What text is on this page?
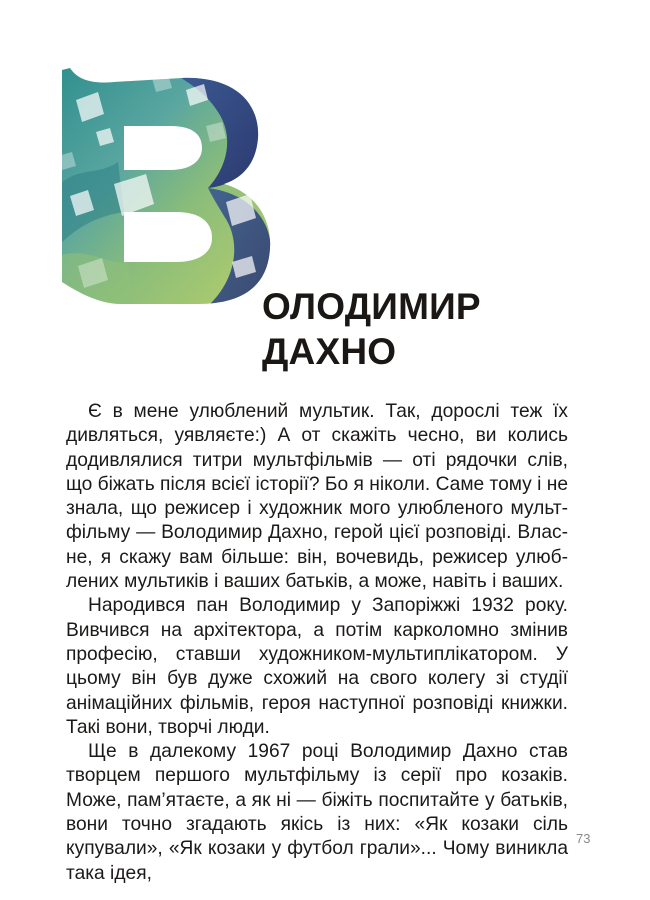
ОЛОДИМИР
ДАХНО

Є в мене улюблений мультик. Так, дорослі теж їх дивляться, уявляєте:) А от скажіть чесно, ви колись додивлялися титри мультфільмів — оті рядочки слів, що біжать після всієї історії? Бо я ніколи. Саме тому і не знала, що режисер і художник мого улюбленого мультфільму — Володимир Дахно, герой цієї розповіді. Власне, я скажу вам більше: він, вочевидь, режисер улюблених мультиків і ваших батьків, а може, навіть і ваших.

Народився пан Володимир у Запоріжжі 1932 року. Вивчився на архітектора, а потім карколомно змінив професію, ставши художником-мультиплікатором. У цьому він був дуже схожий на свого колегу зі студії анімаційних фільмів, героя наступної розповіді книжки. Такі вони, творчі люди.

Ще в далекому 1967 році Володимир Дахно став творцем першого мультфільму із серії про козаків. Може, пам’ятаєте, а як ні — біжіть поспитайте у батьків, вони точно згадають якісь із них: «Як козаки сіль купували», «Як козаки у футбол грали»... Чому виникла така ідея,

73
